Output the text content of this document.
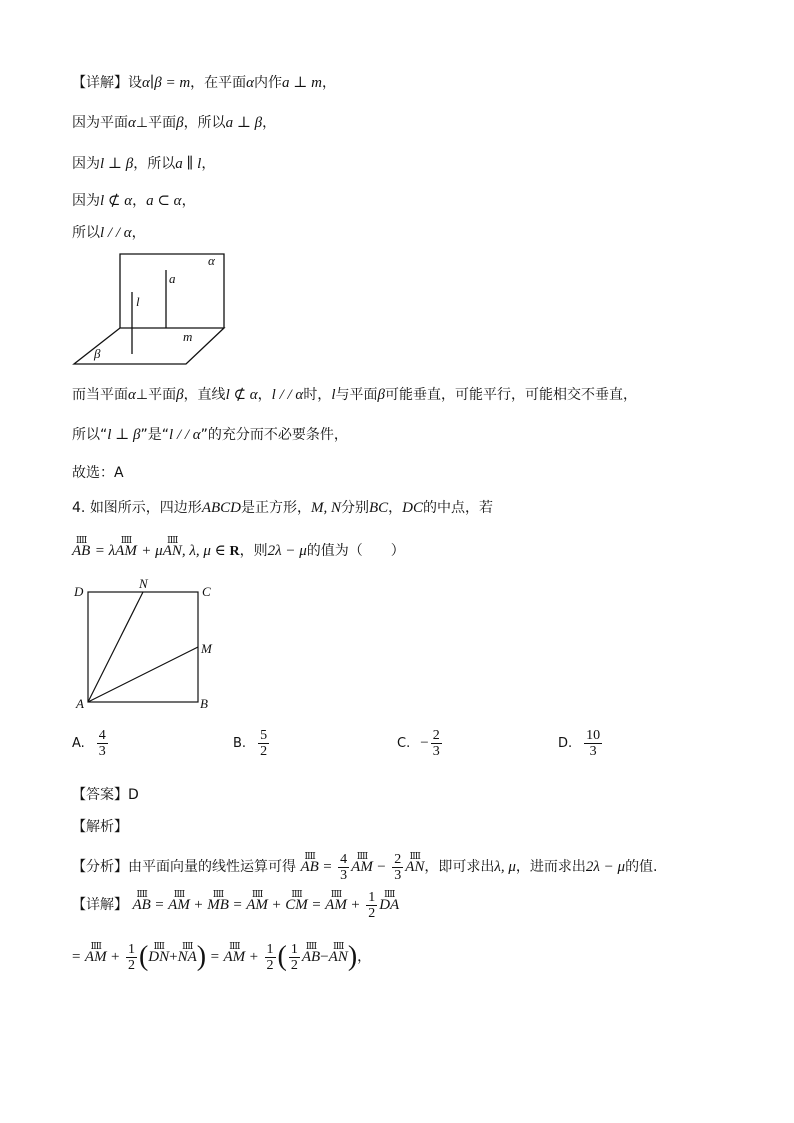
【详解】设α∣β = m，在平面α内作a ⊥ m，
因为平面α⊥平面β，所以a ⊥ β，
因为l ⊥ β，所以a ∥ l，
因为l ⊄ α，a ⊂ α，
所以l / / α，
α
a
l
m
β
而当平面α⊥平面β，直线l ⊄ α，l / / α时，l与平面β可能垂直，可能平行，可能相交不垂直，
所以“l ⊥ β”是“l / / α”的充分而不必要条件，
故选：A
4. 如图所示，四边形ABCD是正方形，M, N分别BC，DC的中点，若
ⅡⅡ
AB = λ
ⅡⅡ
AM + μ
ⅡⅡ
AN, λ, μ ∈ R，则2λ − μ的值为（　　）
D
N
C
M
A	B
A. $\frac{4}{3}$	B. $\frac{5}{2}$	C. − $\frac{2}{3}$	D. $\frac{10}{3}$
【答案】D
【解析】
【分析】由平面向量的线性运算可得
ⅡⅡ
AB = $\frac{4}{3}$ ⅡⅡ
AM − $\frac{2}{3}$ ⅡⅡ
AN，即可求出λ, μ，进而求出2λ − μ的值.
【详解】
ⅡⅡ
AB =
ⅡⅡ
AM +
ⅡⅡ
MB =
ⅡⅡ
AM +
ⅡⅡ
CM =
ⅡⅡ
AM + $\frac{1}{2}$ ⅡⅡ
DA
=
ⅡⅡ
AM + $\frac{1}{2}$ ( ⅡⅡ
DN+
ⅡⅡ
NA) =
ⅡⅡ
AM + $\frac{1}{2}$ ( $\frac{1}{2}$ ⅡⅡ
AB−
ⅡⅡ
AN)，
